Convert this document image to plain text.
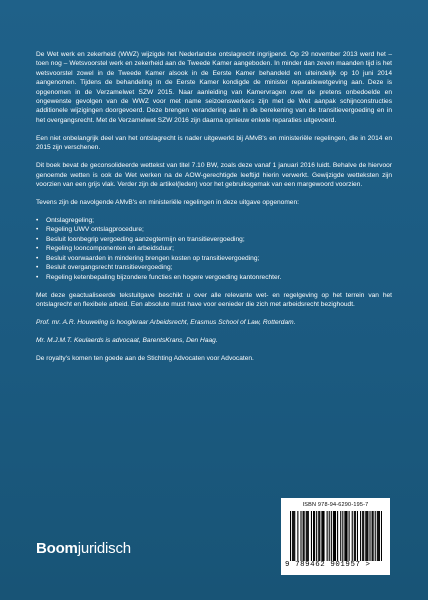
De Wet werk en zekerheid (WWZ) wijzigde het Nederlandse ontslagrecht ingrijpend. Op 29 november 2013 werd het – toen nog – Wetsvoorstel werk en zekerheid aan de Tweede Kamer aangeboden. In minder dan zeven maanden tijd is het wetsvoorstel zowel in de Tweede Kamer alsook in de Eerste Kamer behandeld en uiteindelijk op 10 juni 2014 aangenomen. Tijdens de behandeling in de Eerste Kamer kondigde de minister reparatiewetgeving aan. Deze is opgenomen in de Verzamelwet SZW 2015. Naar aanleiding van Kamervragen over de pretens onbedoelde en ongewenste gevolgen van de WWZ voor met name seizoenswerkers zijn met de Wet aanpak schijnconstructies additionele wijzigingen doorgevoerd. Deze brengen verandering aan in de berekening van de transitievergoeding en in het overgangsrecht. Met de Verzamelwet SZW 2016 zijn daarna opnieuw enkele reparaties uitgevoerd.

Een niet onbelangrijk deel van het ontslagrecht is nader uitgewerkt bij AMvB's en ministeriële regelingen, die in 2014 en 2015 zijn verschenen.

Dit boek bevat de geconsolideerde wettekst van titel 7.10 BW, zoals deze vanaf 1 januari 2016 luidt. Behalve de hiervoor genoemde wetten is ook de Wet werken na de AOW-gerechtigde leeftijd hierin verwerkt. Gewijzigde wetteksten zijn voorzien van een grijs vlak. Verder zijn de artikel(leden) voor het gebruiksgemak van een margewoord voorzien.

Tevens zijn de navolgende AMvB's en ministeriële regelingen in deze uitgave opgenomen:

• Ontslagregeling;
• Regeling UWV ontslagprocedure;
• Besluit loonbegrip vergoeding aanzegtermijn en transitievergoeding;
• Regeling looncomponenten en arbeidsduur;
• Besluit voorwaarden in mindering brengen kosten op transitievergoeding;
• Besluit overgangsrecht transitievergoeding;
• Regeling ketenbepaling bijzondere functies en hogere vergoeding kantonrechter.

Met deze geactualiseerde tekstuitgave beschikt u over alle relevante wet- en regelgeving op het terrein van het ontslagrecht en flexibele arbeid. Een absolute must have voor eenieder die zich met arbeidsrecht bezighoudt.

Prof. mr. A.R. Houweling is hoogleraar Arbeidsrecht, Erasmus School of Law, Rotterdam.

Mr. M.J.M.T. Keulaerds is advocaat, BarentsKrans, Den Haag.

De royalty's komen ten goede aan de Stichting Advocaten voor Advocaten.

Boomjuridisch
ISBN 978-94-6290-195-7
9 789462 901957 >
